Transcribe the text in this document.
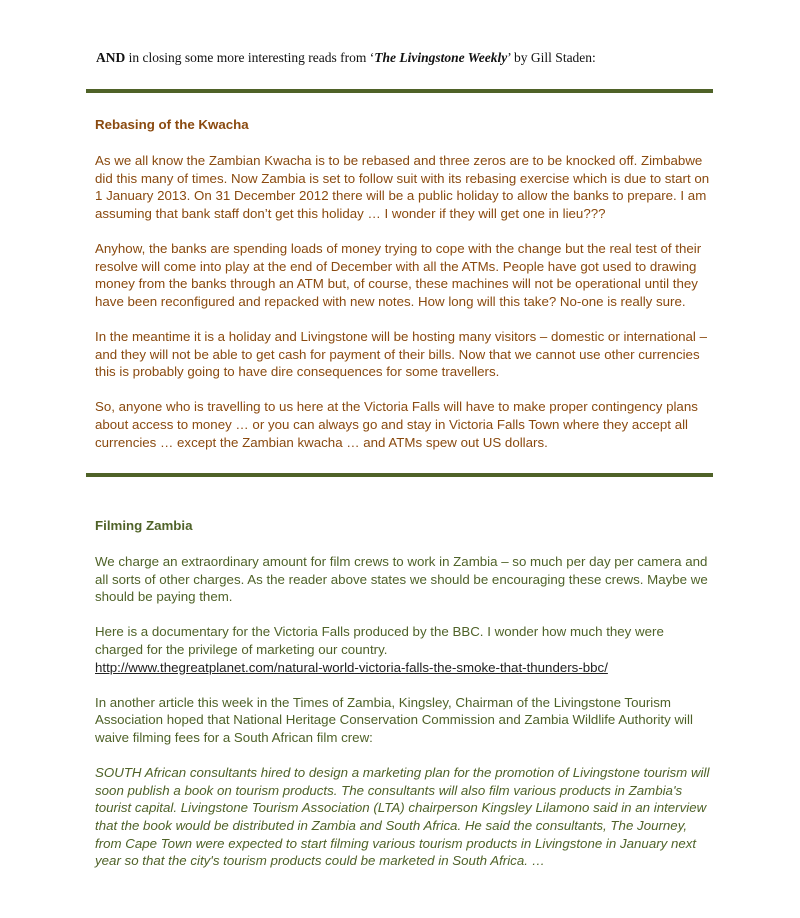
AND in closing some more interesting reads from ‘The Livingstone Weekly’ by Gill Staden:

Rebasing of the Kwacha

As we all know the Zambian Kwacha is to be rebased and three zeros are to be knocked off. Zimbabwe did this many of times. Now Zambia is set to follow suit with its rebasing exercise which is due to start on 1 January 2013. On 31 December 2012 there will be a public holiday to allow the banks to prepare. I am assuming that bank staff don’t get this holiday … I wonder if they will get one in lieu???

Anyhow, the banks are spending loads of money trying to cope with the change but the real test of their resolve will come into play at the end of December with all the ATMs. People have got used to drawing money from the banks through an ATM but, of course, these machines will not be operational until they have been reconfigured and repacked with new notes. How long will this take? No-one is really sure.

In the meantime it is a holiday and Livingstone will be hosting many visitors – domestic or international – and they will not be able to get cash for payment of their bills. Now that we cannot use other currencies this is probably going to have dire consequences for some travellers.

So, anyone who is travelling to us here at the Victoria Falls will have to make proper contingency plans about access to money … or you can always go and stay in Victoria Falls Town where they accept all currencies … except the Zambian kwacha … and ATMs spew out US dollars.

Filming Zambia

We charge an extraordinary amount for film crews to work in Zambia – so much per day per camera and all sorts of other charges. As the reader above states we should be encouraging these crews. Maybe we should be paying them.

Here is a documentary for the Victoria Falls produced by the BBC. I wonder how much they were charged for the privilege of marketing our country.
http://www.thegreatplanet.com/natural-world-victoria-falls-the-smoke-that-thunders-bbc/

In another article this week in the Times of Zambia, Kingsley, Chairman of the Livingstone Tourism Association hoped that National Heritage Conservation Commission and Zambia Wildlife Authority will waive filming fees for a South African film crew:

SOUTH African consultants hired to design a marketing plan for the promotion of Livingstone tourism will soon publish a book on tourism products. The consultants will also film various products in Zambia's tourist capital. Livingstone Tourism Association (LTA) chairperson Kingsley Lilamono said in an interview that the book would be distributed in Zambia and South Africa. He said the consultants, The Journey, from Cape Town were expected to start filming various tourism products in Livingstone in January next year so that the city's tourism products could be marketed in South Africa. …
